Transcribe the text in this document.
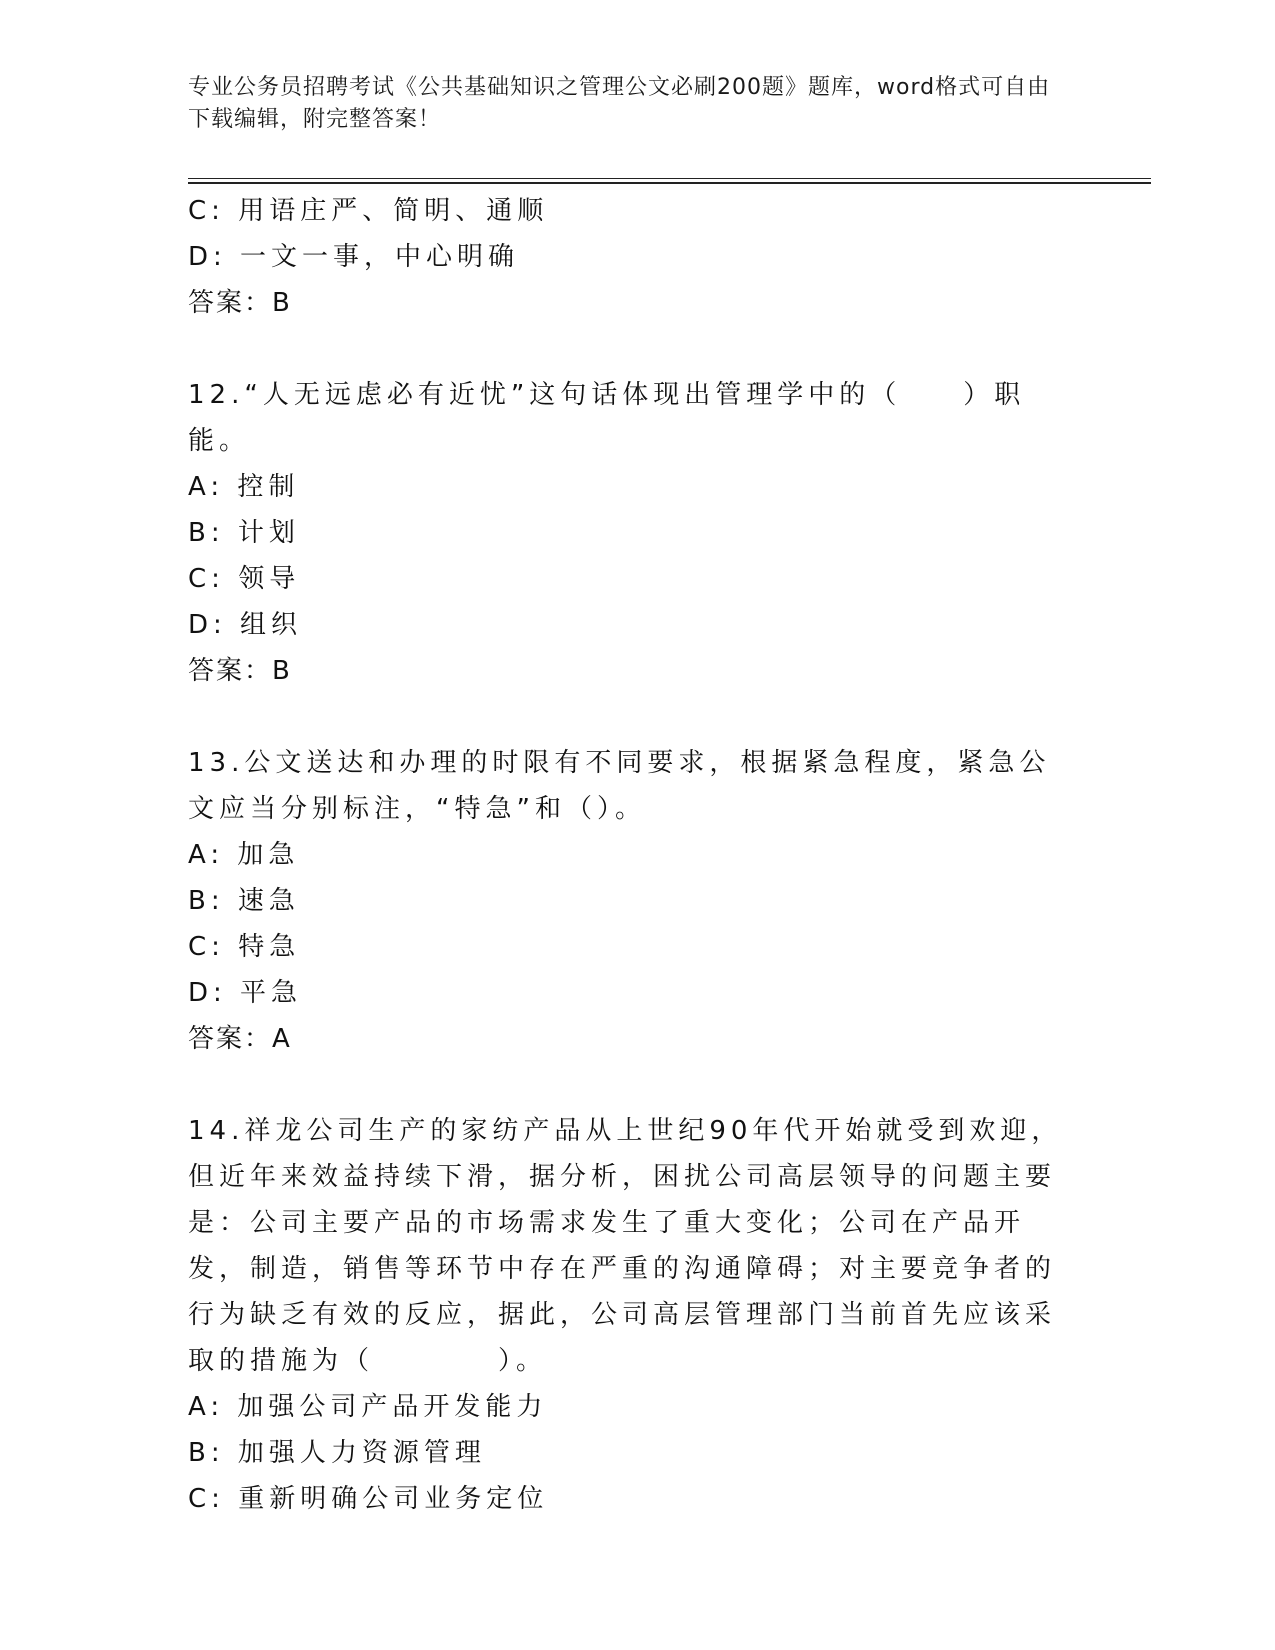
专业公务员招聘考试《公共基础知识之管理公文必刷200题》题库，word格式可自由下载编辑，附完整答案！
C: 用语庄严、简明、通顺
D: 一文一事，中心明确
答案：B
12.“人无远虑必有近忧”这句话体现出管理学中的（　　）职能。
A: 控制
B: 计划
C: 领导
D: 组织
答案：B
13.公文送达和办理的时限有不同要求，根据紧急程度，紧急公文应当分别标注，“特急”和（）。
A: 加急
B: 速急
C: 特急
D: 平急
答案：A
14.祥龙公司生产的家纺产品从上世纪90年代开始就受到欢迎，但近年来效益持续下滑，据分析，困扰公司高层领导的问题主要是：公司主要产品的市场需求发生了重大变化；公司在产品开发，制造，销售等环节中存在严重的沟通障碍；对主要竞争者的行为缺乏有效的反应，据此，公司高层管理部门当前首先应该采取的措施为（　　　　）。
A: 加强公司产品开发能力
B: 加强人力资源管理
C: 重新明确公司业务定位
